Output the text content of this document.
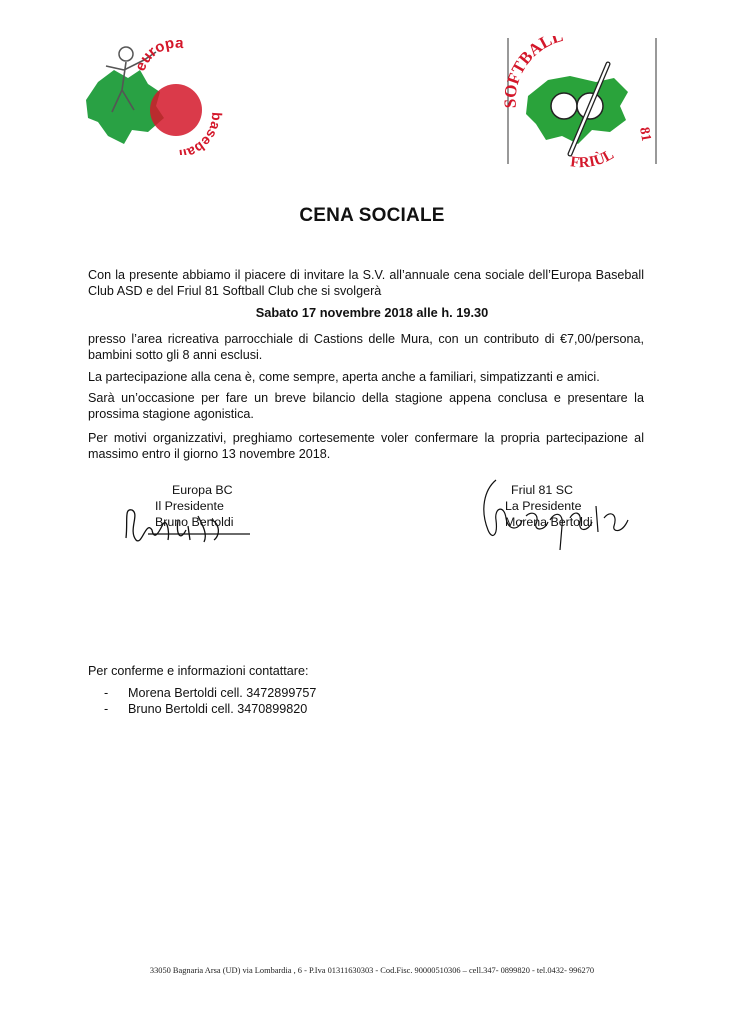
europa
baseball
SOFTBALL
FRIÙL
81
CENA SOCIALE
Con la presente abbiamo il piacere di invitare la S.V. all’annuale cena sociale dell’Europa Baseball Club ASD e del Friul 81 Softball Club che si svolgerà
Sabato 17 novembre 2018 alle h. 19.30
presso l’area ricreativa parrocchiale di Castions delle Mura, con un contributo di €7,00/persona, bambini sotto gli 8 anni esclusi.
La partecipazione alla cena è, come sempre, aperta anche a familiari, simpatizzanti e amici.
Sarà un’occasione per fare un breve bilancio della stagione appena conclusa e presentare la prossima stagione agonistica.
Per motivi organizzativi, preghiamo cortesemente voler confermare la propria partecipazione al massimo entro il giorno 13 novembre 2018.
Europa BC
Il Presidente
Bruno Bertoldi
Friul 81 SC
La Presidente
Morena Bertoldi
Per conferme e informazioni contattare:
- Morena Bertoldi cell. 3472899757
- Bruno Bertoldi cell. 3470899820
33050 Bagnaria Arsa (UD) via Lombardia , 6 - P.Iva 01311630303 - Cod.Fisc. 90000510306 – cell.347- 0899820 - tel.0432- 996270
